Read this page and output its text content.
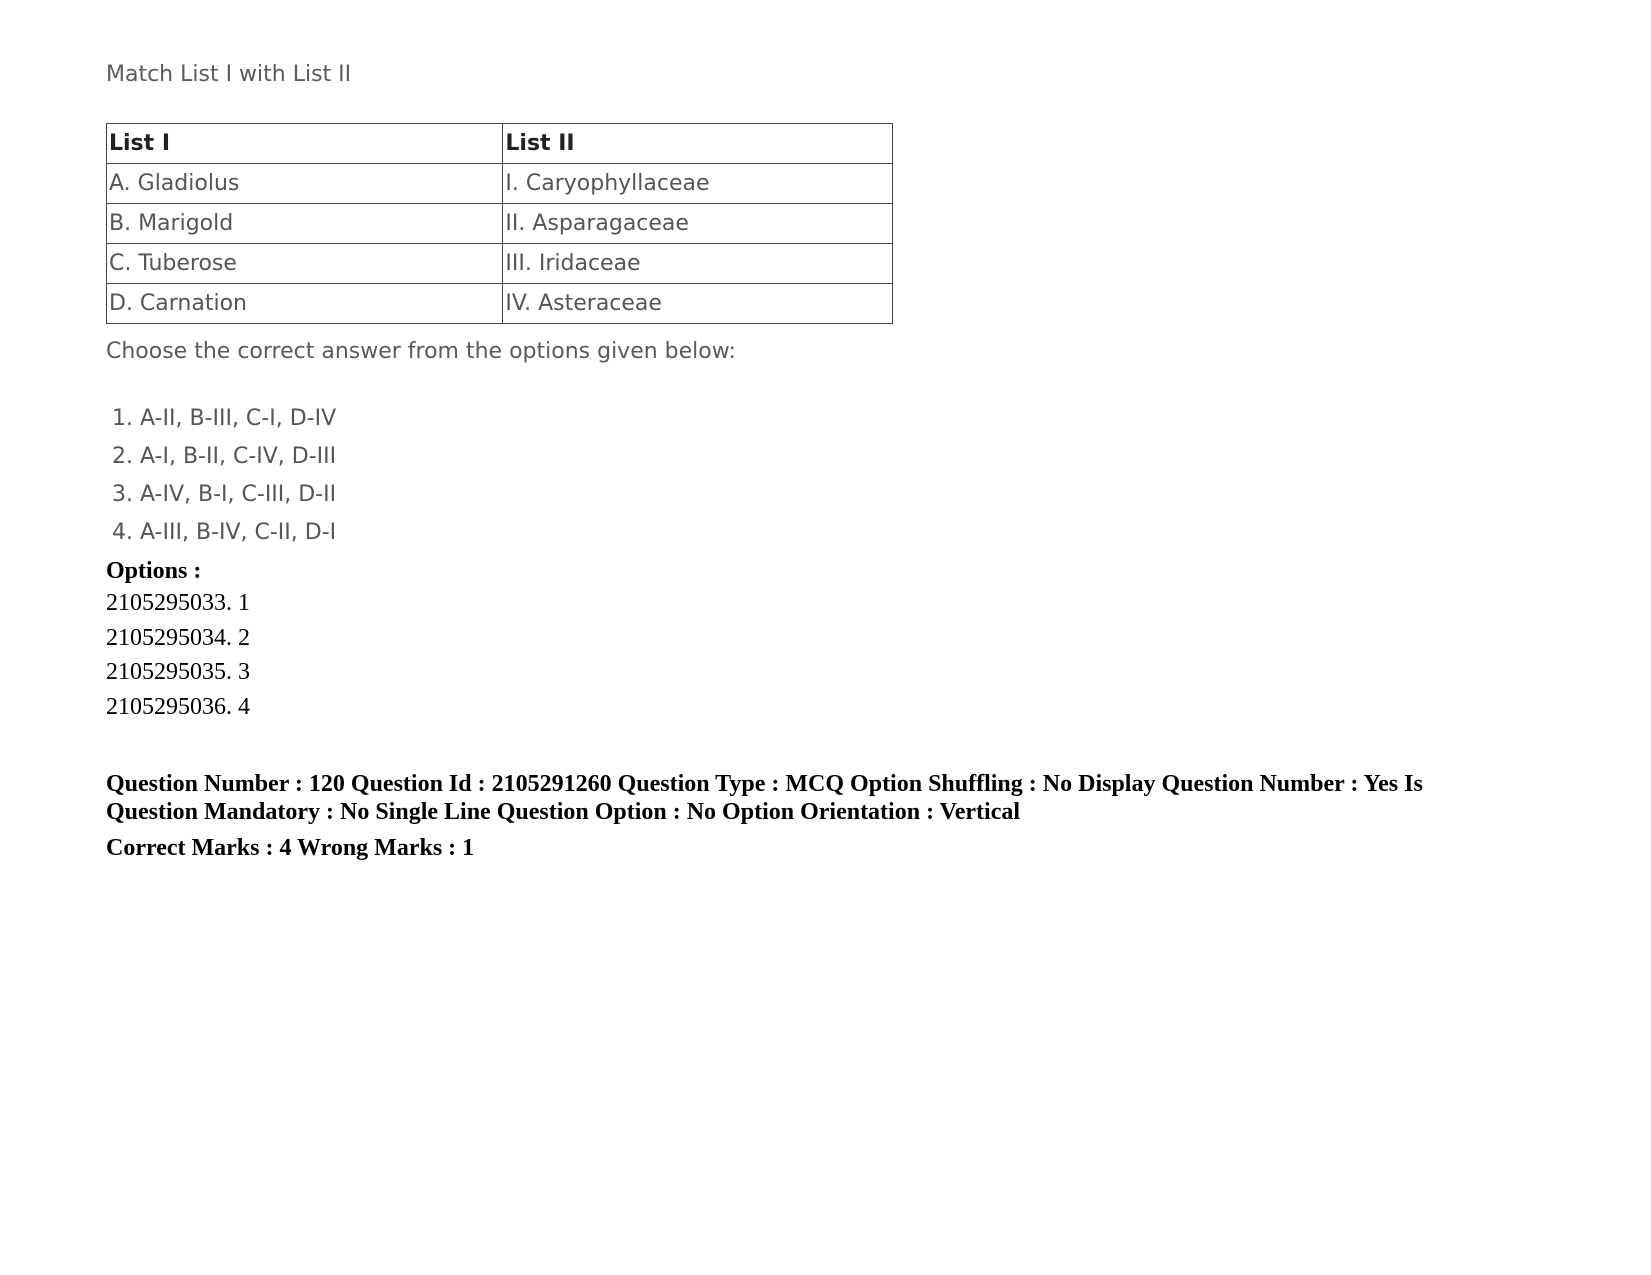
Match List I with List II

List I	List II
A. Gladiolus	I. Caryophyllaceae
B. Marigold	II. Asparagaceae
C. Tuberose	III. Iridaceae
D. Carnation	IV. Asteraceae

Choose the correct answer from the options given below:

1. A-II, B-III, C-I, D-IV
2. A-I, B-II, C-IV, D-III
3. A-IV, B-I, C-III, D-II
4. A-III, B-IV, C-II, D-I

Options :

2105295033. 1

2105295034. 2

2105295035. 3

2105295036. 4

Question Number : 120 Question Id : 2105291260 Question Type : MCQ Option Shuffling : No Display Question Number : Yes Is

Question Mandatory : No Single Line Question Option : No Option Orientation : Vertical

Correct Marks : 4 Wrong Marks : 1
